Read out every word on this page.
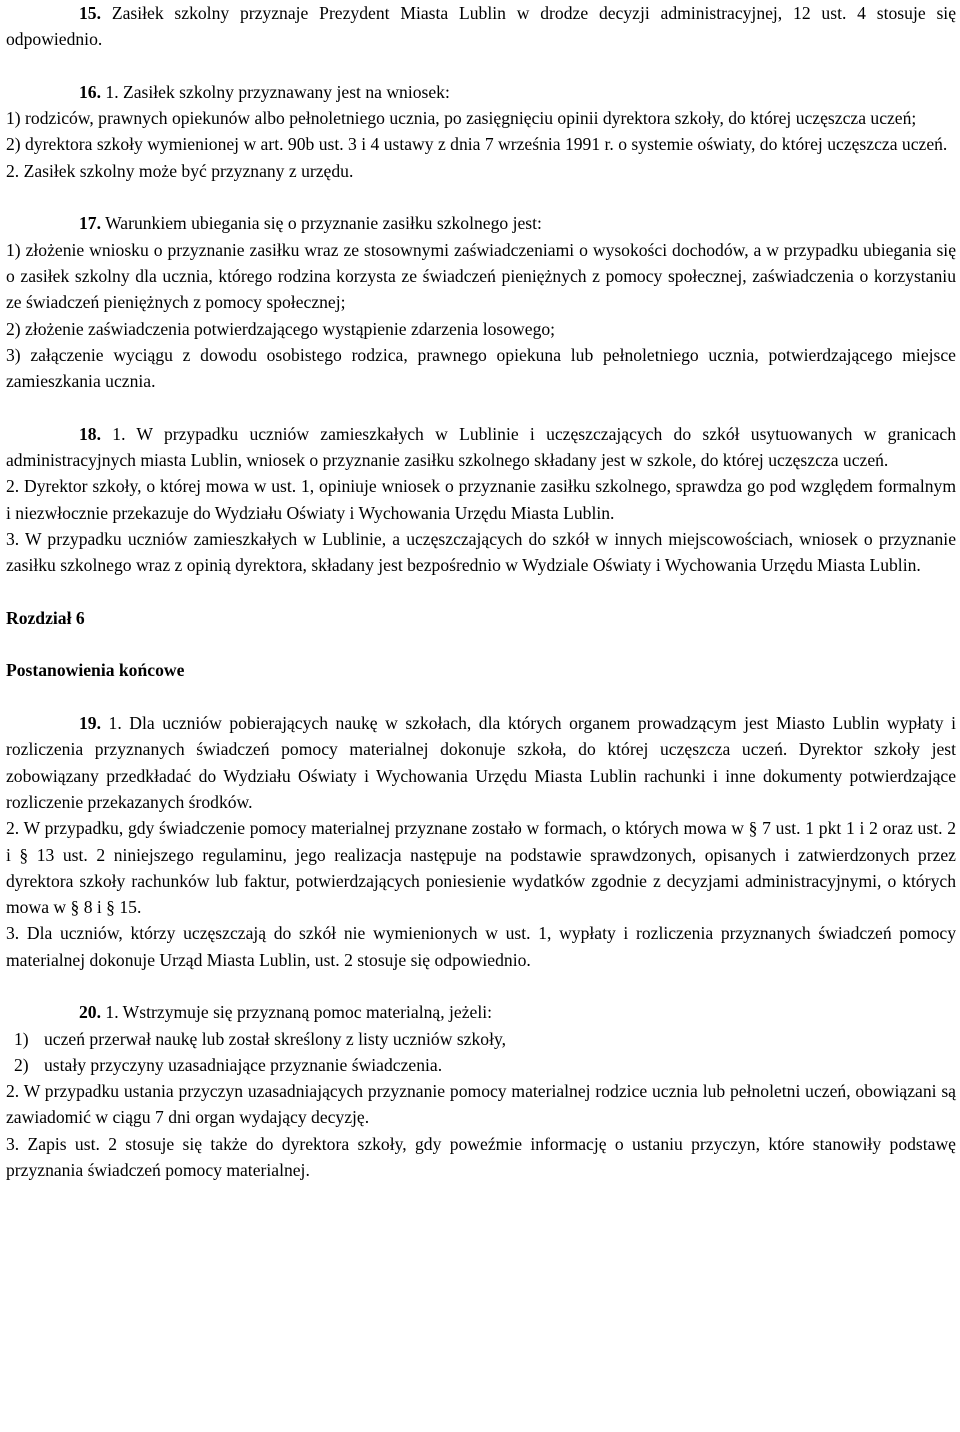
15. Zasiłek szkolny przyznaje Prezydent Miasta Lublin w drodze decyzji administracyjnej, 12 ust. 4 stosuje się odpowiednio.

16. 1. Zasiłek szkolny przyznawany jest na wniosek:

1) rodziców, prawnych opiekunów albo pełnoletniego ucznia, po zasięgnięciu opinii dyrektora szkoły, do której uczęszcza uczeń;

2) dyrektora szkoły wymienionej w art. 90b ust. 3 i 4 ustawy z dnia 7 września 1991 r. o systemie oświaty, do której uczęszcza uczeń.

2. Zasiłek szkolny może być przyznany z urzędu.

17. Warunkiem ubiegania się o przyznanie zasiłku szkolnego jest:

1) złożenie wniosku o przyznanie zasiłku wraz ze stosownymi zaświadczeniami o wysokości dochodów, a w przypadku ubiegania się o zasiłek szkolny dla ucznia, którego rodzina korzysta ze świadczeń pieniężnych z pomocy społecznej, zaświadczenia o korzystaniu ze świadczeń pieniężnych z pomocy społecznej;

2) złożenie zaświadczenia potwierdzającego wystąpienie zdarzenia losowego;

3) załączenie wyciągu z dowodu osobistego rodzica, prawnego opiekuna lub pełnoletniego ucznia, potwierdzającego miejsce zamieszkania ucznia.

18. 1. W przypadku uczniów zamieszkałych w Lublinie i uczęszczających do szkół usytuowanych w granicach administracyjnych miasta Lublin, wniosek o przyznanie zasiłku szkolnego składany jest w szkole, do której uczęszcza uczeń.

2. Dyrektor szkoły, o której mowa w ust. 1, opiniuje wniosek o przyznanie zasiłku szkolnego, sprawdza go pod względem formalnym i niezwłocznie przekazuje do Wydziału Oświaty i Wychowania Urzędu Miasta Lublin.

3. W przypadku uczniów zamieszkałych w Lublinie, a uczęszczających do szkół w innych miejscowościach, wniosek o przyznanie zasiłku szkolnego wraz z opinią dyrektora, składany jest bezpośrednio w Wydziale Oświaty i Wychowania Urzędu Miasta Lublin.

Rozdział 6
Postanowienia końcowe

19. 1. Dla uczniów pobierających naukę w szkołach, dla których organem prowadzącym jest Miasto Lublin wypłaty i rozliczenia przyznanych świadczeń pomocy materialnej dokonuje szkoła, do której uczęszcza uczeń. Dyrektor szkoły jest zobowiązany przedkładać do Wydziału Oświaty i Wychowania Urzędu Miasta Lublin rachunki i inne dokumenty potwierdzające rozliczenie przekazanych środków.

2. W przypadku, gdy świadczenie pomocy materialnej przyznane zostało w formach, o których mowa w § 7 ust. 1 pkt 1 i 2 oraz ust. 2 i § 13 ust. 2 niniejszego regulaminu, jego realizacja następuje na podstawie sprawdzonych, opisanych i zatwierdzonych przez dyrektora szkoły rachunków lub faktur, potwierdzających poniesienie wydatków zgodnie z decyzjami administracyjnymi, o których mowa w § 8 i § 15.

3. Dla uczniów, którzy uczęszczają do szkół nie wymienionych w ust. 1, wypłaty i rozliczenia przyznanych świadczeń pomocy materialnej dokonuje Urząd Miasta Lublin, ust. 2 stosuje się odpowiednio.

20. 1. Wstrzymuje się przyznaną pomoc materialną, jeżeli:

1) uczeń przerwał naukę lub został skreślony z listy uczniów szkoły,
2) ustały przyczyny uzasadniające przyznanie świadczenia.

2. W przypadku ustania przyczyn uzasadniających przyznanie pomocy materialnej rodzice ucznia lub pełnoletni uczeń, obowiązani są zawiadomić w ciągu 7 dni organ wydający decyzję.

3. Zapis ust. 2 stosuje się także do dyrektora szkoły, gdy poweźmie informację o ustaniu przyczyn, które stanowiły podstawę przyznania świadczeń pomocy materialnej.
